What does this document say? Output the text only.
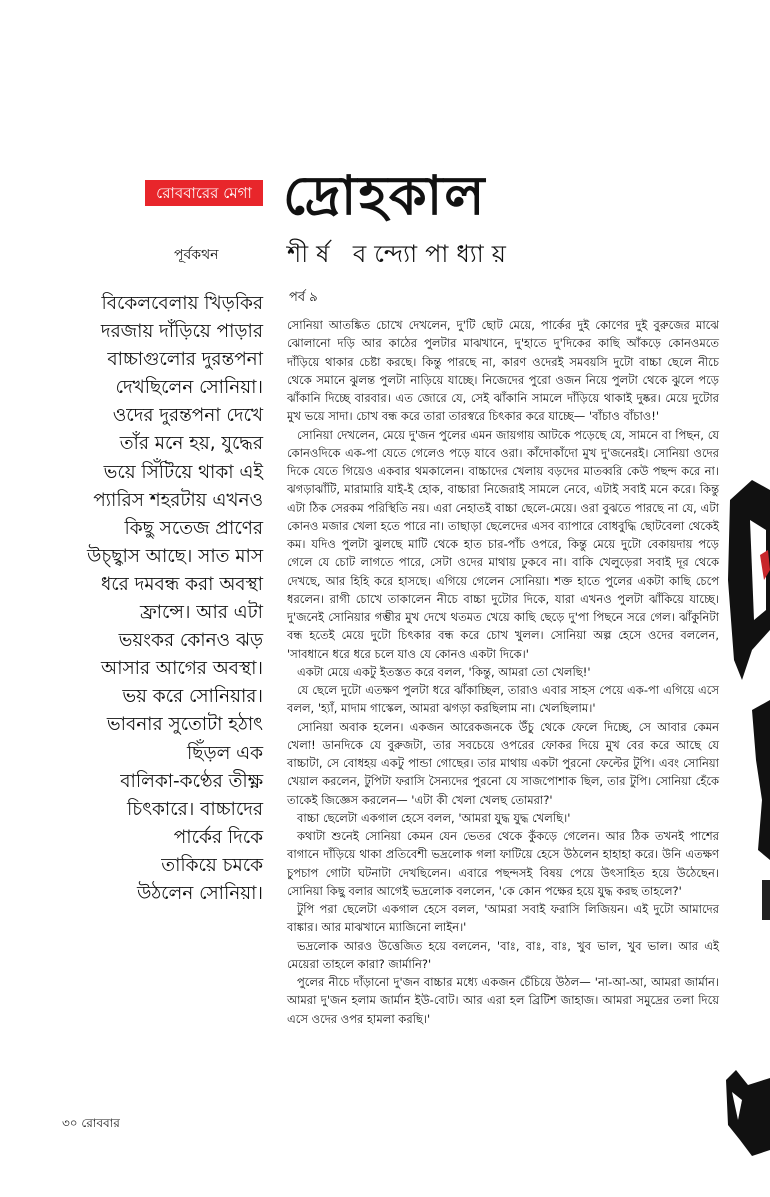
রোববারের মেগা দ্রোহকাল
পূর্বকথন	শীর্ষ বন্দ্যোপাধ্যায়
বিকেলবেলায় খিড়কির
দরজায় দাঁড়িয়ে পাড়ার
বাচ্চাগুলোর দুরন্তপনা
দেখছিলেন সোনিয়া।
ওদের দুরন্তপনা দেখে
তাঁর মনে হয়, যুদ্ধের
ভয়ে সিঁটিয়ে থাকা এই
প্যারিস শহরটায় এখনও
কিছু সতেজ প্রাণের
উচ্ছ্বাস আছে। সাত মাস
ধরে দমবন্ধ করা অবস্থা
ফ্রান্সে। আর এটা
ভয়ংকর কোনও ঝড়
আসার আগের অবস্থা।
ভয় করে সোনিয়ার।
ভাবনার সুতোটা হঠাৎ
ছিঁড়ল এক
বালিকা-কণ্ঠের তীক্ষ্ণ
চিৎকারে। বাচ্চাদের
পার্কের দিকে
তাকিয়ে চমকে
উঠলেন সোনিয়া।
পর্ব ৯

সোনিয়া আতঙ্কিত চোখে দেখলেন, দু'টি ছোট মেয়ে, পার্কের দুই কোণের দুই বুরুজের মাঝে ঝোলানো দড়ি আর কাঠের পুলটার মাঝখানে, দু'হাতে দু'দিকের কাছি আঁকড়ে কোনওমতে দাঁড়িয়ে থাকার চেষ্টা করছে। কিন্তু পারছে না, কারণ ওদেরই সমবয়সি দুটো বাচ্চা ছেলে নীচে থেকে সমানে ঝুলন্ত পুলটা নাড়িয়ে যাচ্ছে। নিজেদের পুরো ওজন নিয়ে পুলটা থেকে ঝুলে পড়ে ঝাঁকানি দিচ্ছে বারবার। এত জোরে যে, সেই ঝাঁকানি সামলে দাঁড়িয়ে থাকাই দুষ্কর। মেয়ে দুটোর মুখ ভয়ে সাদা। চোখ বন্ধ করে তারা তারস্বরে চিৎকার করে যাচ্ছে— 'বাঁচাও বাঁচাও!'

সোনিয়া দেখলেন, মেয়ে দু'জন পুলের এমন জায়গায় আটকে পড়েছে যে, সামনে বা পিছন, যে কোনওদিকে এক-পা যেতে গেলেও পড়ে যাবে ওরা। কাঁদোকাঁদো মুখ দু'জনেরই। সোনিয়া ওদের দিকে যেতে গিয়েও একবার থমকালেন। বাচ্চাদের খেলায় বড়দের মাতব্বরি কেউ পছন্দ করে না। ঝগড়াঝাঁটি, মারামারি যাই-ই হোক, বাচ্চারা নিজেরাই সামলে নেবে, এটাই সবাই মনে করে। কিন্তু এটা ঠিক সেরকম পরিস্থিতি নয়। এরা নেহাতই বাচ্চা ছেলে-মেয়ে। ওরা বুঝতে পারছে না যে, এটা কোনও মজার খেলা হতে পারে না। তাছাড়া ছেলেদের এসব ব্যাপারে বোধবুদ্ধি ছোটবেলা থেকেই কম। যদিও পুলটা ঝুলছে মাটি থেকে হাত চার-পাঁচ ওপরে, কিন্তু মেয়ে দুটো বেকায়দায় পড়ে গেলে যে চোট লাগতে পারে, সেটা ওদের মাথায় ঢুকবে না। বাকি খেলুড়েরা সবাই দূর থেকে দেখছে, আর হিহি করে হাসছে। এগিয়ে গেলেন সোনিয়া। শক্ত হাতে পুলের একটা কাছি চেপে ধরলেন। রাগী চোখে তাকালেন নীচে বাচ্চা দুটোর দিকে, যারা এখনও পুলটা ঝাঁকিয়ে যাচ্ছে। দু'জনেই সোনিয়ার গম্ভীর মুখ দেখে থতমত খেয়ে কাছি ছেড়ে দু'পা পিছনে সরে গেল। ঝাঁকুনিটা বন্ধ হতেই মেয়ে দুটো চিৎকার বন্ধ করে চোখ খুলল। সোনিয়া অল্প হেসে ওদের বললেন, 'সাবধানে ধরে ধরে চলে যাও যে কোনও একটা দিকে।'

একটা মেয়ে একটু ইতস্তত করে বলল, 'কিন্তু, আমরা তো খেলছি!'

যে ছেলে দুটো এতক্ষণ পুলটা ধরে ঝাঁকাচ্ছিল, তারাও এবার সাহস পেয়ে এক-পা এগিয়ে এসে বলল, 'হ্যাঁ, মাদাম গাস্কেল, আমরা ঝগড়া করছিলাম না। খেলছিলাম।'

সোনিয়া অবাক হলেন। একজন আরেকজনকে উঁচু থেকে ফেলে দিচ্ছে, সে আবার কেমন খেলা! ডানদিকে যে বুরুজটা, তার সবচেয়ে ওপরের ফোকর দিয়ে মুখ বের করে আছে যে বাচ্চাটা, সে বোধহয় একটু পান্ডা গোছের। তার মাথায় একটা পুরনো ফেল্টের টুপি। এবং সোনিয়া খেয়াল করলেন, টুপিটা ফরাসি সৈন্যদের পুরনো যে সাজপোশাক ছিল, তার টুপি। সোনিয়া হেঁকে তাকেই জিজ্ঞেস করলেন— 'এটা কী খেলা খেলছ তোমরা?'

বাচ্চা ছেলেটা একগাল হেসে বলল, 'আমরা যুদ্ধ যুদ্ধ খেলছি।'

কথাটা শুনেই সোনিয়া কেমন যেন ভেতর থেকে কুঁকড়ে গেলেন। আর ঠিক তখনই পাশের বাগানে দাঁড়িয়ে থাকা প্রতিবেশী ভদ্রলোক গলা ফাটিয়ে হেসে উঠলেন হাহাহা করে। উনি এতক্ষণ চুপচাপ গোটা ঘটনাটা দেখছিলেন। এবারে পছন্দসই বিষয় পেয়ে উৎসাহিত হয়ে উঠেছেন। সোনিয়া কিছু বলার আগেই ভদ্রলোক বললেন, 'কে কোন পক্ষের হয়ে যুদ্ধ করছ তাহলে?'

টুপি পরা ছেলেটা একগাল হেসে বলল, 'আমরা সবাই ফরাসি লিজিয়ন। এই দুটো আমাদের বাঙ্কার। আর মাঝখানে ম্যাজিনো লাইন।'

ভদ্রলোক আরও উত্তেজিত হয়ে বললেন, 'বাঃ, বাঃ, বাঃ, খুব ভাল, খুব ভাল। আর এই মেয়েরা তাহলে কারা? জার্মানি?'

পুলের নীচে দাঁড়ানো দু'জন বাচ্চার মধ্যে একজন চেঁচিয়ে উঠল— 'না-আ-আ, আমরা জার্মান। আমরা দু'জন হলাম জার্মান ইউ-বোট। আর এরা হল ব্রিটিশ জাহাজ। আমরা সমুদ্রের তলা দিয়ে এসে ওদের ওপর হামলা করছি।'

৩০ রোববার
